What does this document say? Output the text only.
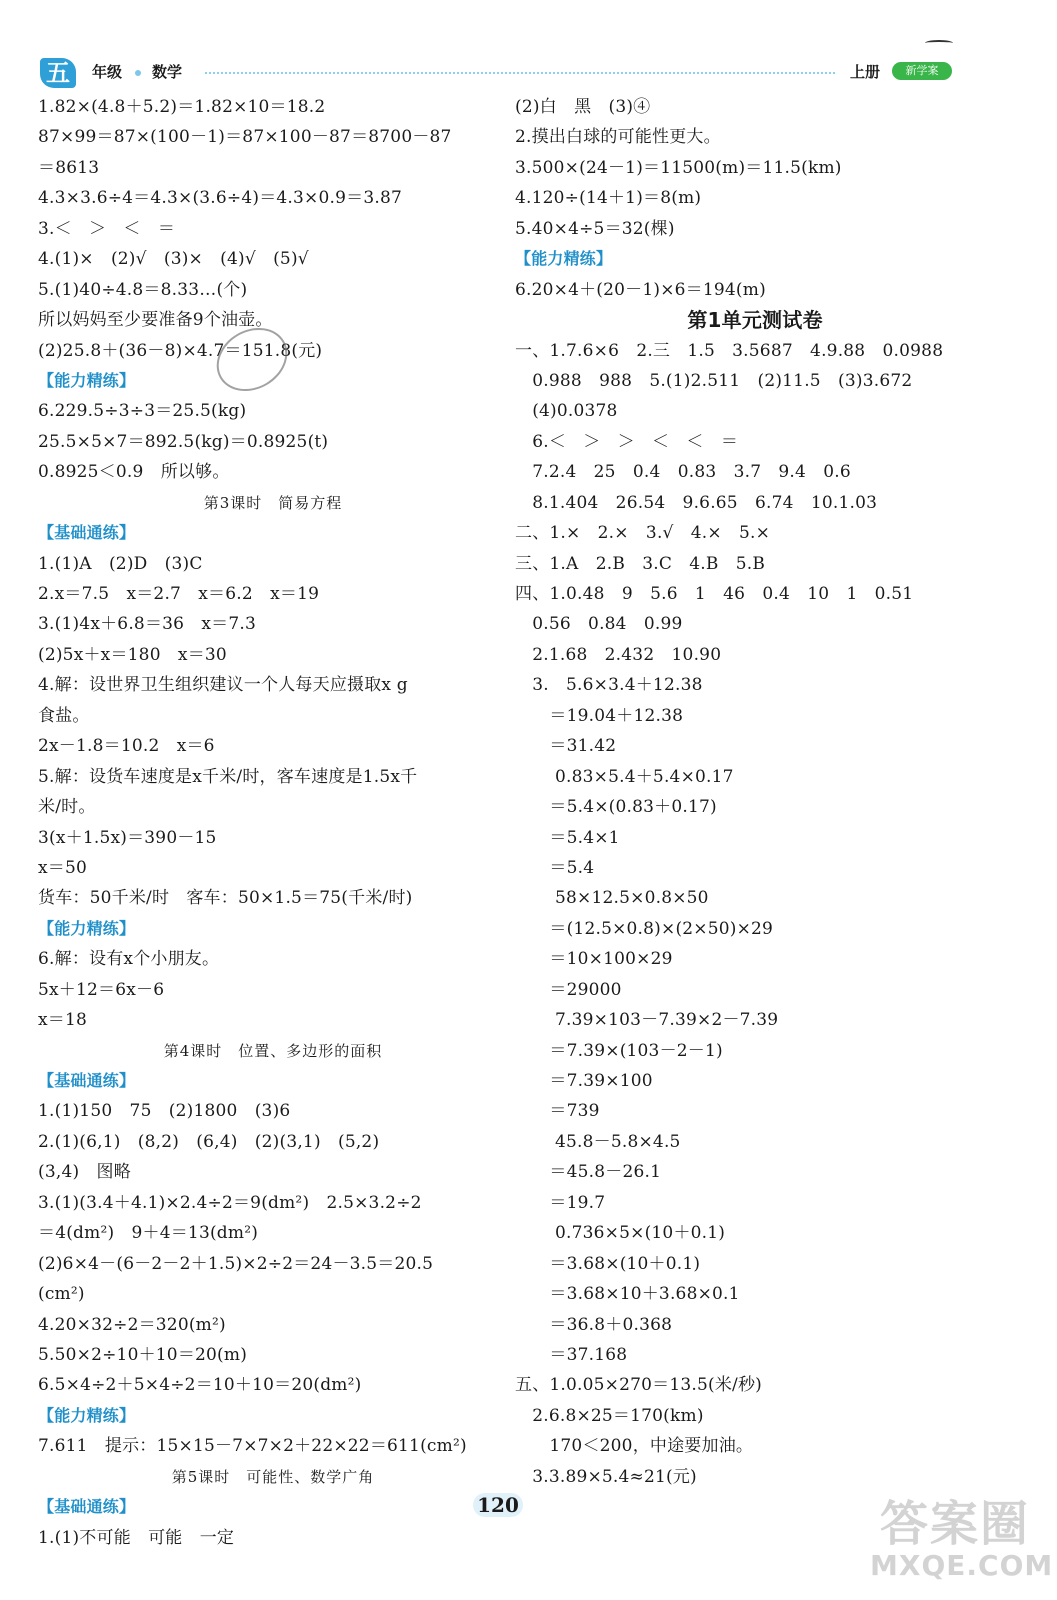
五	年级 数学	上册	新学案
1.82×(4.8＋5.2)＝1.82×10＝18.2
87×99＝87×(100－1)＝87×100－87＝8700－87
＝8613
4.3×3.6÷4＝4.3×(3.6÷4)＝4.3×0.9＝3.87
3.＜　＞　＜　＝
4.(1)×　(2)√　(3)×　(4)√　(5)√
5.(1)40÷4.8＝8.33…(个)
所以妈妈至少要准备9个油壶。
(2)25.8＋(36－8)×4.7＝151.8(元)
【能力精练】
6.229.5÷3÷3＝25.5(kg)
25.5×5×7＝892.5(kg)＝0.8925(t)
0.8925＜0.9　所以够。
第3课时　简易方程
【基础通练】
1.(1)A　(2)D　(3)C
2.x＝7.5　x＝2.7　x＝6.2　x＝19
3.(1)4x＋6.8＝36　x＝7.3
(2)5x＋x＝180　x＝30
4.解：设世界卫生组织建议一个人每天应摄取x g
食盐。
2x－1.8＝10.2　x＝6
5.解：设货车速度是x千米/时，客车速度是1.5x千
米/时。
3(x＋1.5x)＝390－15
x＝50
货车：50千米/时　客车：50×1.5＝75(千米/时)
【能力精练】
6.解：设有x个小朋友。
5x＋12＝6x－6
x＝18
第4课时　位置、多边形的面积
【基础通练】
1.(1)150　75　(2)1800　(3)6
2.(1)(6,1)　(8,2)　(6,4)　(2)(3,1)　(5,2)
(3,4)　图略
3.(1)(3.4＋4.1)×2.4÷2＝9(dm²)　2.5×3.2÷2
＝4(dm²)　9＋4＝13(dm²)
(2)6×4－(6－2－2＋1.5)×2÷2＝24－3.5＝20.5
(cm²)
4.20×32÷2＝320(m²)
5.50×2÷10＋10＝20(m)
6.5×4÷2＋5×4÷2＝10＋10＝20(dm²)
【能力精练】
7.611　提示：15×15－7×7×2＋22×22＝611(cm²)
第5课时　可能性、数学广角
【基础通练】
1.(1)不可能　可能　一定
(2)白　黑　(3)④
2.摸出白球的可能性更大。
3.500×(24－1)＝11500(m)＝11.5(km)
4.120÷(14＋1)＝8(m)
5.40×4÷5＝32(棵)
【能力精练】
6.20×4＋(20－1)×6＝194(m)
第1单元测试卷
一、1.7.6×6　2.三　1.5　3.5687　4.9.88　0.0988
　0.988　988　5.(1)2.511　(2)11.5　(3)3.672
　(4)0.0378
　6.＜　＞　＞　＜　＜　＝
　7.2.4　25　0.4　0.83　3.7　9.4　0.6
　8.1.404　26.54　9.6.65　6.74　10.1.03
二、1.×　2.×　3.√　4.×　5.×
三、1.A　2.B　3.C　4.B　5.B
四、1.0.48　9　5.6　1　46　0.4　10　1　0.51
　0.56　0.84　0.99
　2.1.68　2.432　10.90
　3.　5.6×3.4＋12.38
　　＝19.04＋12.38
　　＝31.42
　　 0.83×5.4＋5.4×0.17
　　＝5.4×(0.83＋0.17)
　　＝5.4×1
　　＝5.4
　　 58×12.5×0.8×50
　　＝(12.5×0.8)×(2×50)×29
　　＝10×100×29
　　＝29000
　　 7.39×103－7.39×2－7.39
　　＝7.39×(103－2－1)
　　＝7.39×100
　　＝739
　　 45.8－5.8×4.5
　　＝45.8－26.1
　　＝19.7
　　 0.736×5×(10＋0.1)
　　＝3.68×(10＋0.1)
　　＝3.68×10＋3.68×0.1
　　＝36.8＋0.368
　　＝37.168
五、1.0.05×270＝13.5(米/秒)
　2.6.8×25＝170(km)
　　170＜200，中途要加油。
　3.3.89×5.4≈21(元)
120	答案圈
MXQE.COM
